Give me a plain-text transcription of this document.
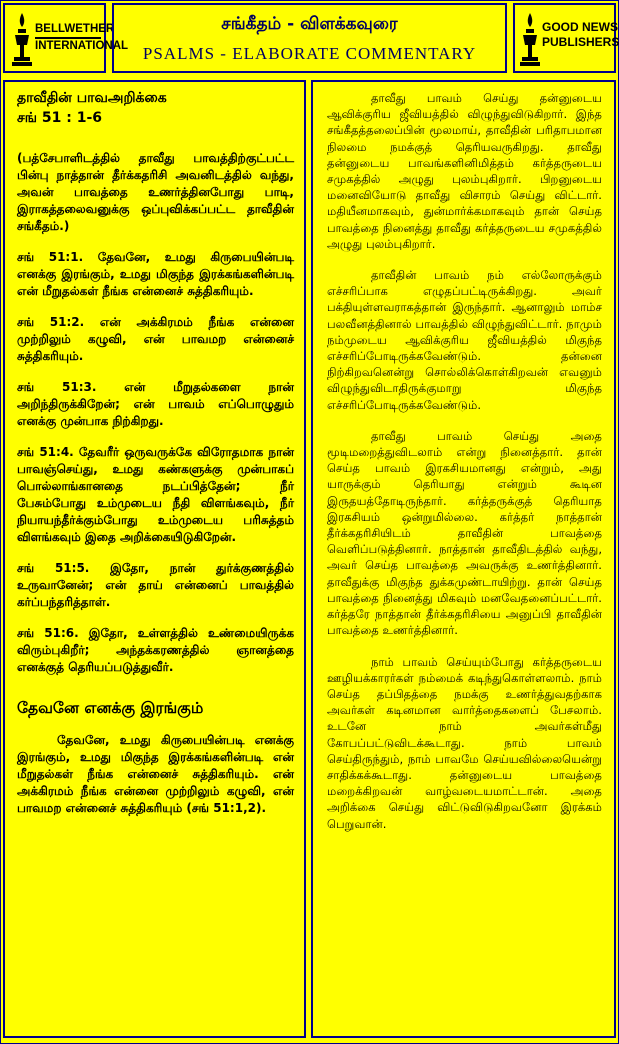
BELLWETHER
INTERNATIONAL
சங்கீதம் - விளக்கவுரை
PSALMS - ELABORATE COMMENTARY
GOOD NEWS
PUBLISHERS
தாவீதின் பாவஅறிக்கை
சங் 51 : 1-6

(பத்சேபாளிடத்தில் தாவீது பாவத்திற்குட்பட்ட பின்பு நாத்தான் தீர்க்கதரிசி அவனிடத்தில் வந்து, அவன் பாவத்தை உணர்த்தினபோது பாடி, இராகத்தலைவனுக்கு ஒப்புவிக்கப்பட்ட தாவீதின் சங்கீதம்.)

சங் 51:1. தேவனே, உமது கிருபையின்படி எனக்கு இரங்கும், உமது மிகுந்த இரக்கங்களின்படி என் மீறுதல்கள் நீங்க என்னைச் சுத்திகரியும்.

சங் 51:2. என் அக்கிரமம் நீங்க என்னை முற்றிலும் கழுவி, என் பாவமற என்னைச் சுத்திகரியும்.

சங் 51:3. என் மீறுதல்களை நான் அறிந்திருக்கிறேன்; என் பாவம் எப்பொழுதும் எனக்கு முன்பாக நிற்கிறது.

சங் 51:4. தேவரீர் ஒருவருக்கே விரோதமாக நான் பாவஞ்செய்து, உமது கண்களுக்கு முன்பாகப் பொல்லாங்கானதை நடப்பித்தேன்; நீர் பேசும்போது உம்முடைய நீதி விளங்கவும், நீர் நியாயந்தீர்க்கும்போது உம்முடைய பரிசுத்தம் விளங்கவும் இதை அறிக்கையிடுகிறேன்.

சங் 51:5. இதோ, நான் துர்க்குணத்தில் உருவானேன்; என் தாய் என்னைப் பாவத்தில் கர்ப்பந்தரித்தாள்.

சங் 51:6. இதோ, உள்ளத்தில் உண்மையிருக்க விரும்புகிறீர்; அந்தக்கரணத்தில் ஞானத்தை எனக்குத் தெரியப்படுத்துவீர்.

தேவனே எனக்கு இரங்கும்

தேவனே, உமது கிருபையின்படி எனக்கு இரங்கும், உமது மிகுந்த இரக்கங்களின்படி என் மீறுதல்கள் நீங்க என்னைச் சுத்திகரியும். என் அக்கிரமம் நீங்க என்னை முற்றிலும் கழுவி, என் பாவமற என்னைச் சுத்திகரியும் (சங் 51:1,2).

தாவீது பாவம் செய்து தன்னுடைய ஆவிக்குரிய ஜீவியத்தில் விழுந்துவிடுகிறார். இந்த சங்கீதத்தலைப்பின் மூலமாய், தாவீதின் பரிதாபமான நிலமை நமக்குத் தெரியவருகிறது. தாவீது தன்னுடைய பாவங்களினிமித்தம் கர்த்தருடைய சமுகத்தில் அழுது புலம்புகிறார். பிறனுடைய மனைவியோடு தாவீது விசாரம் செய்து விட்டார். மதியீனமாகவும், துன்மார்க்கமாகவும் தான் செய்த பாவத்தை நினைத்து தாவீது கர்த்தருடைய சமுகத்தில் அழுது புலம்புகிறார்.

தாவீதின் பாவம் நம் எல்லோருக்கும் எச்சரிப்பாக எழுதப்பட்டிருக்கிறது. அவர் பக்தியுள்ளவராகத்தான் இருந்தார். ஆனாலும் மாம்ச பலவீனத்தினால் பாவத்தில் விழுந்துவிட்டார். நாமும் நம்முடைய ஆவிக்குரிய ஜீவியத்தில் மிகுந்த எச்சரிப்போடிருக்கவேண்டும். தன்னை நிற்கிறவனென்று சொல்லிக்கொள்கிறவன் எவனும் விழுந்துவிடாதிருக்குமாறு மிகுந்த எச்சரிப்போடிருக்கவேண்டும்.

தாவீது பாவம் செய்து அதை மூடிமறைத்துவிடலாம் என்று நினைத்தார். தான் செய்த பாவம் இரகசியமானது என்றும், அது யாருக்கும் தெரியாது என்றும் கூடின இருதயத்தோடிருந்தார். கர்த்தருக்குத் தெரியாத இரகசியம் ஒன்றுமில்லை. கர்த்தர் நாத்தான் தீர்க்கதரிசியிடம் தாவீதின் பாவத்தை வெளிப்படுத்தினார். நாத்தான் தாவீதிடத்தில் வந்து, அவர் செய்த பாவத்தை அவருக்கு உணர்த்தினார். தாவீதுக்கு மிகுந்த துக்கமுண்டாயிற்று. தான் செய்த பாவத்தை நினைத்து மிகவும் மனவேதனைப்பட்டார். கர்த்தரே நாத்தான் தீர்க்கதரிசியை அனுப்பி தாவீதின் பாவத்தை உணர்த்தினார்.

நாம் பாவம் செய்யும்போது கர்த்தருடைய ஊழியக்காரர்கள் நம்மைக் கடிந்துகொள்ளலாம். நாம் செய்த தப்பிதத்தை நமக்கு உணர்த்துவதற்காக அவர்கள் கடினமான வார்த்தைகளைப் பேசலாம். உடனே நாம் அவர்கள்மீது கோபப்பட்டுவிடக்கூடாது. நாம் பாவம் செய்திருந்தும், நாம் பாவமே செய்யவில்லையென்று சாதிக்கக்கூடாது. தன்னுடைய பாவத்தை மறைக்கிறவன் வாழ்வடையமாட்டான். அதை அறிக்கை செய்து விட்டுவிடுகிறவனோ இரக்கம் பெறுவான்.
